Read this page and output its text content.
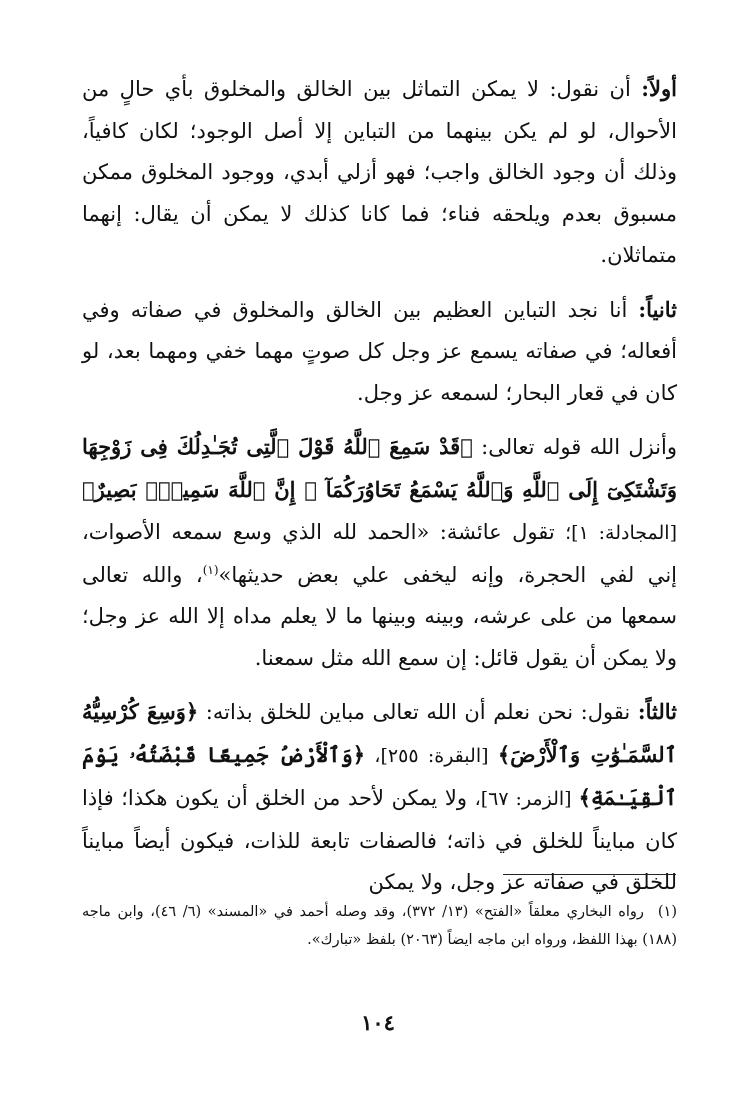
أولاً: أن نقول: لا يمكن التماثل بين الخالق والمخلوق بأي حالٍ من الأحوال، لو لم يكن بينهما من التباين إلا أصل الوجود؛ لكان كافياً، وذلك أن وجود الخالق واجب؛ فهو أزلي أبدي، ووجود المخلوق ممكن مسبوق بعدم ويلحقه فناء؛ فما كانا كذلك لا يمكن أن يقال: إنهما متماثلان.

ثانياً: أنا نجد التباين العظيم بين الخالق والمخلوق في صفاته وفي أفعاله؛ في صفاته يسمع عز وجل كل صوتٍ مهما خفي ومهما بعد، لو كان في قعار البحار؛ لسمعه عز وجل.

وأنزل الله قوله تعالى: ﴿قَدْ سَمِعَ ٱللَّهُ قَوْلَ ٱلَّتِى تُجَـٰدِلُكَ فِى زَوْجِهَا وَتَشْتَكِىٓ إِلَى ٱللَّهِ وَٱللَّهُ يَسْمَعُ تَحَاوُرَكُمَآ ۚ إِنَّ ٱللَّهَ سَمِيعٌۢ بَصِيرٌ﴾ [المجادلة: ١]؛ تقول عائشة: «الحمد لله الذي وسع سمعه الأصوات، إني لفي الحجرة، وإنه ليخفى علي بعض حديثها»$^{(١)}$، والله تعالى سمعها من على عرشه، وبينه وبينها ما لا يعلم مداه إلا الله عز وجل؛ ولا يمكن أن يقول قائل: إن سمع الله مثل سمعنا.

ثالثاً: نقول: نحن نعلم أن الله تعالى مباين للخلق بذاته: ﴿وَسِعَ كُرْسِيُّهُ ٱلسَّمَـٰوَٰتِ وَٱلْأَرْضَ﴾ [البقرة: ٢٥٥]، ﴿وَٱلْأَرْضُ جَمِيعًا قَبْضَتُهُۥ يَوْمَ ٱلْقِيَـٰمَةِ﴾ [الزمر: ٦٧]، ولا يمكن لأحد من الخلق أن يكون هكذا؛ فإذا كان مبايناً للخلق في ذاته؛ فالصفات تابعة للذات، فيكون أيضاً مبايناً للخلق في صفاته عز وجل، ولا يمكن

(١)رواه البخاري معلقاً «الفتح» (١٣/ ٣٧٢)، وقد وصله أحمد في «المسند» (٦/ ٤٦)، وابن ماجه (١٨٨) بهذا اللفظ، ورواه ابن ماجه ايضاً (٢٠٦٣) بلفظ «تبارك».

١٠٤
